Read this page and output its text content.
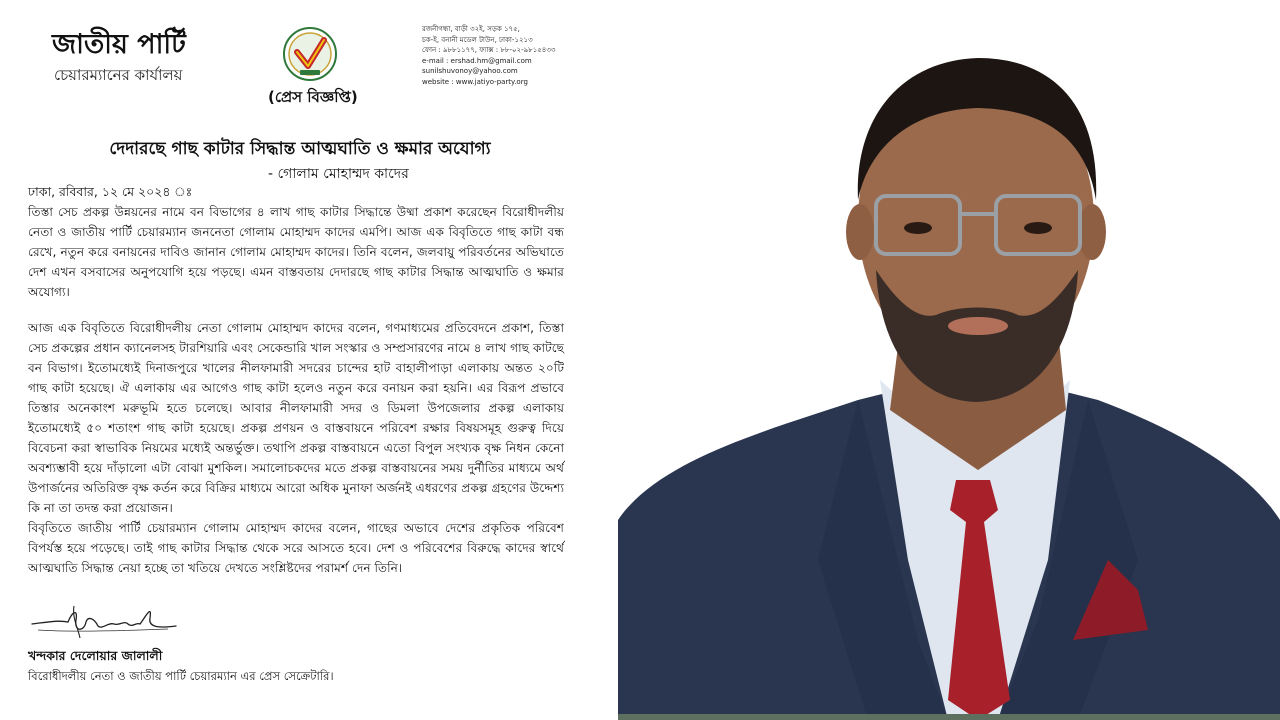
জাতীয় পার্টি
চেয়ারম্যানের কার্যালয়
(প্রেস বিজ্ঞপ্তি)
রজনীগন্ধা, বাড়ী ৩২ই, সড়ক ১৭৫,
চক-ই, বনানী মডেল টাউন, ঢাকা-১২১৩
ফোন : ৯৮৮১১৭৭, ফ্যাক্স : ৮৮-০২-৯৮১৫৪৩৩
e-mail : ershad.hm@gmail.com
sunilshuvonoy@yahoo.com
website : www.jatiyo-party.org
দেদারছে গাছ কাটার সিদ্ধান্ত আত্মঘাতি ও ক্ষমার অযোগ্য
- গোলাম মোহাম্মদ কাদের
ঢাকা, রবিবার, ১২ মে ২০২৪ ঃ

তিস্তা সেচ প্রকল্প উন্নয়নের নামে বন বিভাগের ৪ লাখ গাছ কাটার সিদ্ধান্তে উষ্মা প্রকাশ করেছেন বিরোধীদলীয় নেতা ও জাতীয় পার্টি চেয়ারম্যান জননেতা গোলাম মোহাম্মদ কাদের এমপি। আজ এক বিবৃতিতে গাছ কাটা বন্ধ রেখে, নতুন করে বনায়নের দাবিও জানান গোলাম মোহাম্মদ কাদের। তিনি বলেন, জলবায়ু পরিবর্তনের অভিঘাতে দেশ এখন বসবাসের অনুপযোগি হয়ে পড়ছে। এমন বাস্তবতায় দেদারছে গাছ কাটার সিদ্ধান্ত আত্মঘাতি ও ক্ষমার অযোগ্য।

আজ এক বিবৃতিতে বিরোধীদলীয় নেতা গোলাম মোহাম্মদ কাদের বলেন, গণমাধ্যমের প্রতিবেদনে প্রকাশ, তিস্তা সেচ প্রকল্পের প্রধান ক্যানেলসহ টারশিয়ারি এবং সেকেন্ডারি খাল সংস্কার ও সম্প্রসারণের নামে ৪ লাখ গাছ কাটছে বন বিভাগ। ইতোমধ্যেই দিনাজপুরে খালের নীলফামারী সদরের চান্দের হাট বাহালীপাড়া এলাকায় অন্তত ২০টি গাছ কাটা হয়েছে। ঐ এলাকায় এর আগেও গাছ কাটা হলেও নতুন করে বনায়ন করা হয়নি। এর বিরূপ প্রভাবে তিস্তার অনেকাংশ মরুভূমি হতে চলেছে। আবার নীলফামারী সদর ও ডিমলা উপজেলার প্রকল্প এলাকায় ইতোমধ্যেই ৫০ শতাংশ গাছ কাটা হয়েছে। প্রকল্প প্রণয়ন ও বাস্তবায়নে পরিবেশ রক্ষার বিষয়সমূহ গুরুত্ব দিয়ে বিবেচনা করা স্বাভাবিক নিয়মের মধ্যেই অন্তর্ভুক্ত। তথাপি প্রকল্প বাস্তবায়নে এতো বিপুল সংখ্যক বৃক্ষ নিধন কেনো অবশ্যম্ভাবী হয়ে দাঁড়ালো এটা বোঝা মুশকিল। সমালোচকদের মতে প্রকল্প বাস্তবায়নের সময় দুর্নীতির মাধ্যমে অর্থ উপার্জনের অতিরিক্ত বৃক্ষ কর্তন করে বিক্রির মাধ্যমে আরো অধিক মুনাফা অর্জনই এধরণের প্রকল্প গ্রহণের উদ্দেশ্য কি না তা তদন্ত করা প্রয়োজন।

বিবৃতিতে জাতীয় পার্টি চেয়ারম্যান গোলাম মোহাম্মদ কাদের বলেন, গাছের অভাবে দেশের প্রকৃতিক পরিবেশ বিপর্যস্ত হয়ে পড়েছে। তাই গাছ কাটার সিদ্ধান্ত থেকে সরে আসতে হবে। দেশ ও পরিবেশের বিরুদ্ধে কাদের স্বার্থে আত্মঘাতি সিদ্ধান্ত নেয়া হচ্ছে তা খতিয়ে দেখতে সংশ্লিষ্টদের পরামর্শ দেন তিনি।

খন্দকার দেলোয়ার জালালী
বিরোধীদলীয় নেতা ও জাতীয় পার্টি চেয়ারম্যান এর প্রেস সেক্রেটারি।
